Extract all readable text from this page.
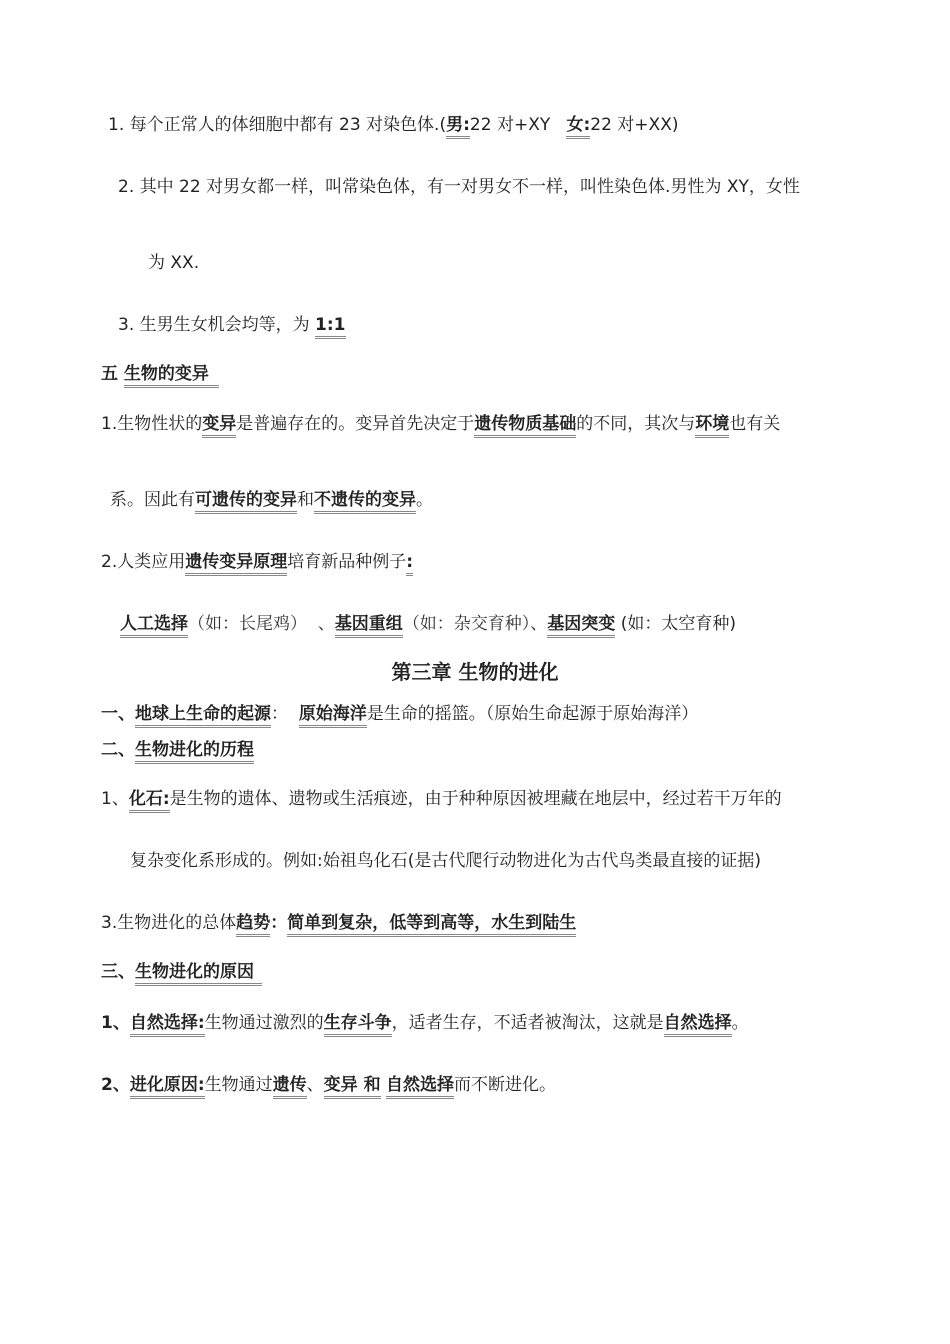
1. 每个正常人的体细胞中都有 23 对染色体.(男:22 对+XY   女:22 对+XX)
2. 其中 22 对男女都一样，叫常染色体，有一对男女不一样，叫性染色体.男性为 XY，女性
为 XX.
3. 生男生女机会均等，为 1:1
五 生物的变异
1.生物性状的变异是普遍存在的。变异首先决定于遗传物质基础的不同，其次与环境也有关
系。因此有可遗传的变异和不遗传的变异。
2.人类应用遗传变异原理培育新品种例子:
人工选择（如：长尾鸡）  、基因重组（如：杂交育种）、基因突变 (如：太空育种)
第三章 生物的进化
一、地球上生命的起源：  原始海洋是生命的摇篮。（原始生命起源于原始海洋）
二、生物进化的历程
1、化石:是生物的遗体、遗物或生活痕迹，由于种种原因被埋藏在地层中，经过若干万年的
复杂变化系形成的。例如:始祖鸟化石(是古代爬行动物进化为古代鸟类最直接的证据)
3.生物进化的总体趋势：简单到复杂，低等到高等，水生到陆生
三、生物进化的原因
1、自然选择:生物通过激烈的生存斗争，适者生存，不适者被淘汰，这就是自然选择。
2、进化原因:生物通过遗传、变异 和 自然选择而不断进化。
